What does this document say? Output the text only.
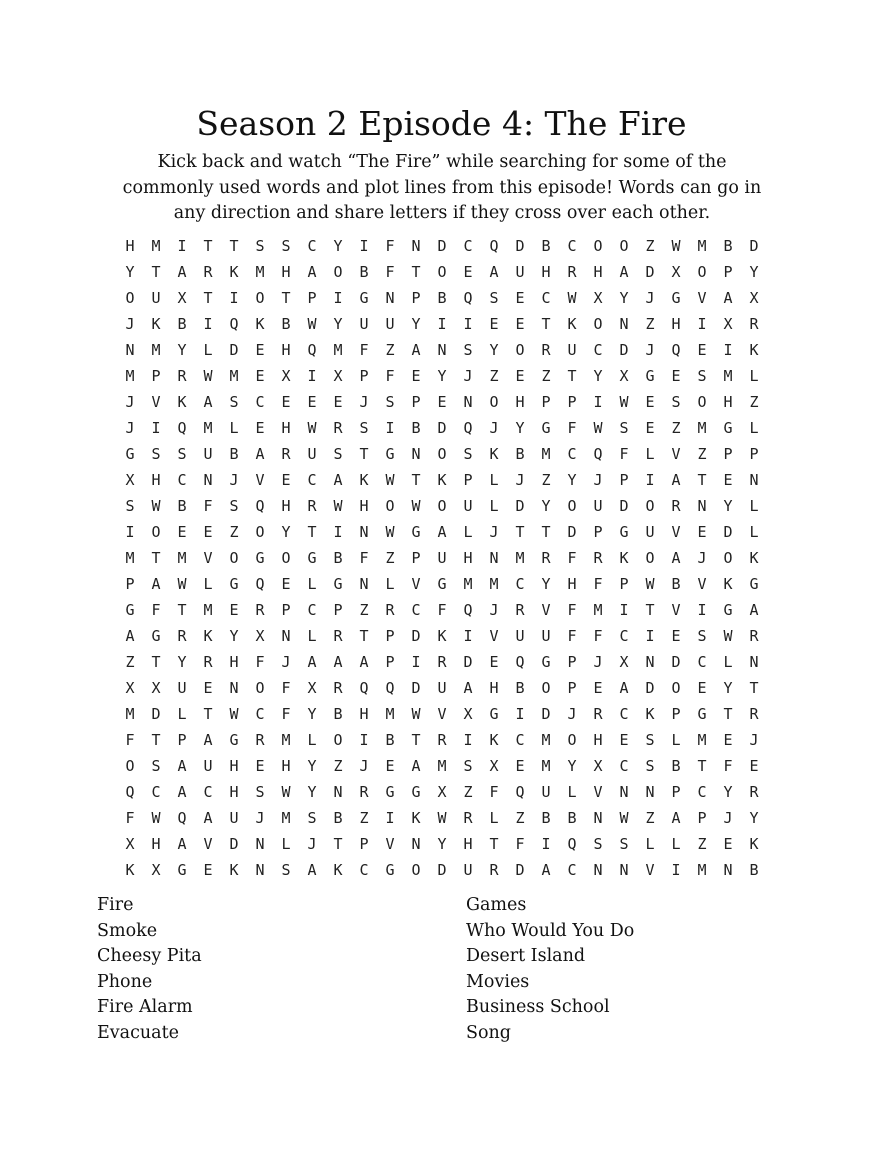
Season 2 Episode 4: The Fire

Kick back and watch “The Fire” while searching for some of the commonly used words and plot lines from this episode! Words can go in any direction and share letters if they cross over each other.

H	M	I	T	T	S	S	C	Y	I	F	N	D	C	Q	D	B	C	O	O	Z	W	M	B	D
Y	T	A	R	K	M	H	A	O	B	F	T	O	E	A	U	H	R	H	A	D	X	O	P	Y
O	U	X	T	I	O	T	P	I	G	N	P	B	Q	S	E	C	W	X	Y	J	G	V	A	X
J	K	B	I	Q	K	B	W	Y	U	U	Y	I	I	E	E	T	K	O	N	Z	H	I	X	R
N	M	Y	L	D	E	H	Q	M	F	Z	A	N	S	Y	O	R	U	C	D	J	Q	E	I	K
M	P	R	W	M	E	X	I	X	P	F	E	Y	J	Z	E	Z	T	Y	X	G	E	S	M	L
J	V	K	A	S	C	E	E	E	J	S	P	E	N	O	H	P	P	I	W	E	S	O	H	Z
J	I	Q	M	L	E	H	W	R	S	I	B	D	Q	J	Y	G	F	W	S	E	Z	M	G	L
G	S	S	U	B	A	R	U	S	T	G	N	O	S	K	B	M	C	Q	F	L	V	Z	P	P
X	H	C	N	J	V	E	C	A	K	W	T	K	P	L	J	Z	Y	J	P	I	A	T	E	N
S	W	B	F	S	Q	H	R	W	H	O	W	O	U	L	D	Y	O	U	D	O	R	N	Y	L
I	O	E	E	Z	O	Y	T	I	N	W	G	A	L	J	T	T	D	P	G	U	V	E	D	L
M	T	M	V	O	G	O	G	B	F	Z	P	U	H	N	M	R	F	R	K	O	A	J	O	K
P	A	W	L	G	Q	E	L	G	N	L	V	G	M	M	C	Y	H	F	P	W	B	V	K	G
G	F	T	M	E	R	P	C	P	Z	R	C	F	Q	J	R	V	F	M	I	T	V	I	G	A
A	G	R	K	Y	X	N	L	R	T	P	D	K	I	V	U	U	F	F	C	I	E	S	W	R
Z	T	Y	R	H	F	J	A	A	A	P	I	R	D	E	Q	G	P	J	X	N	D	C	L	N
X	X	U	E	N	O	F	X	R	Q	Q	D	U	A	H	B	O	P	E	A	D	O	E	Y	T
M	D	L	T	W	C	F	Y	B	H	M	W	V	X	G	I	D	J	R	C	K	P	G	T	R
F	T	P	A	G	R	M	L	O	I	B	T	R	I	K	C	M	O	H	E	S	L	M	E	J
O	S	A	U	H	E	H	Y	Z	J	E	A	M	S	X	E	M	Y	X	C	S	B	T	F	E
Q	C	A	C	H	S	W	Y	N	R	G	G	X	Z	F	Q	U	L	V	N	N	P	C	Y	R
F	W	Q	A	U	J	M	S	B	Z	I	K	W	R	L	Z	B	B	N	W	Z	A	P	J	Y
X	H	A	V	D	N	L	J	T	P	V	N	Y	H	T	F	I	Q	S	S	L	L	Z	E	K
K	X	G	E	K	N	S	A	K	C	G	O	D	U	R	D	A	C	N	N	V	I	M	N	B
Fire
Smoke
Cheesy Pita
Phone
Fire Alarm
Evacuate
Games
Who Would You Do
Desert Island
Movies
Business School
Song
